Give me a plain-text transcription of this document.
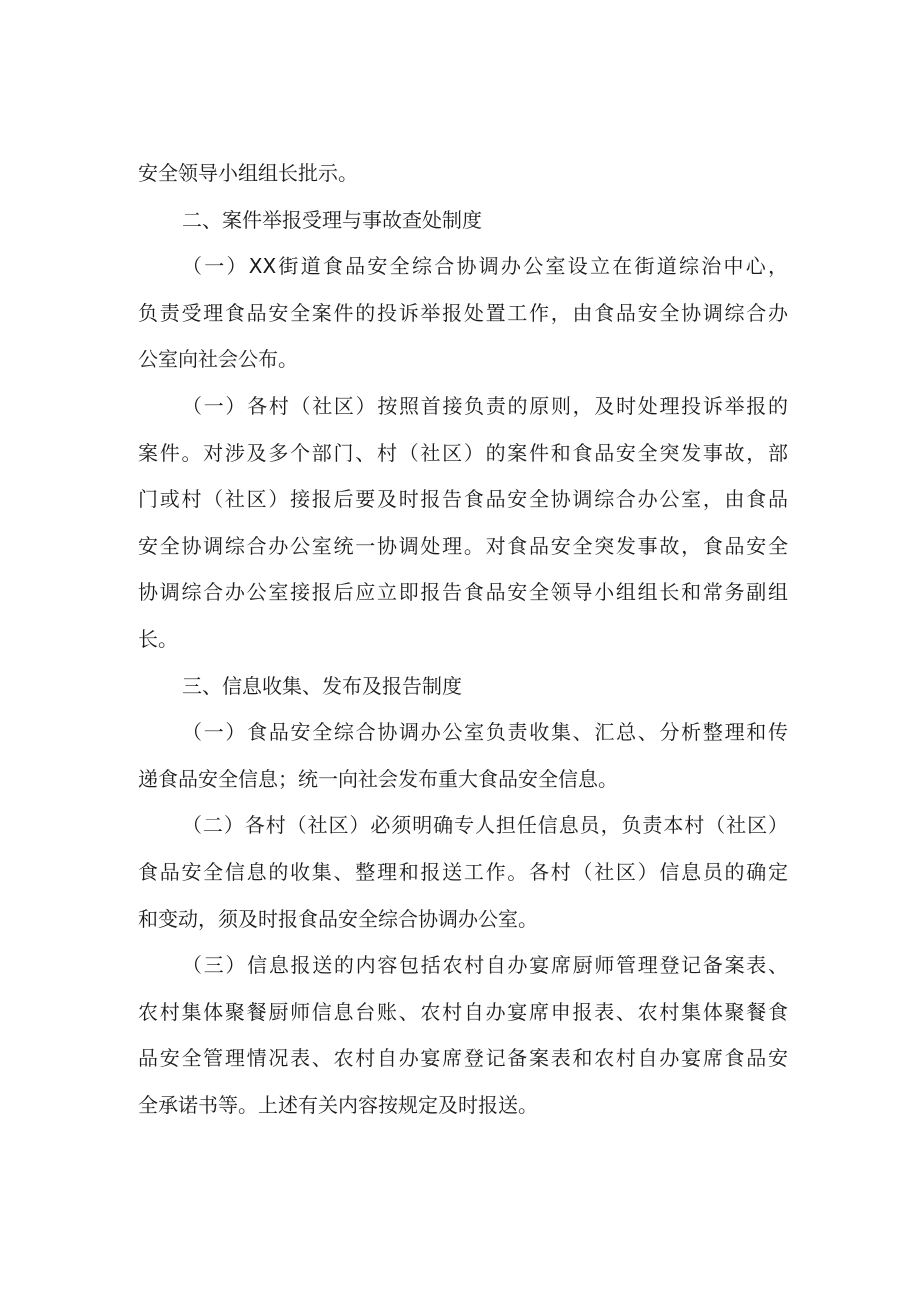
安全领导小组组长批示。
二、案件举报受理与事故查处制度
（一）XX街道食品安全综合协调办公室设立在街道综治中心，
负责受理食品安全案件的投诉举报处置工作，由食品安全协调综合办
公室向社会公布。
（一）各村（社区）按照首接负责的原则，及时处理投诉举报的
案件。对涉及多个部门、村（社区）的案件和食品安全突发事故，部
门或村（社区）接报后要及时报告食品安全协调综合办公室，由食品
安全协调综合办公室统一协调处理。对食品安全突发事故，食品安全
协调综合办公室接报后应立即报告食品安全领导小组组长和常务副组
长。
三、信息收集、发布及报告制度
（一）食品安全综合协调办公室负责收集、汇总、分析整理和传
递食品安全信息；统一向社会发布重大食品安全信息。
（二）各村（社区）必须明确专人担任信息员，负责本村（社区）
食品安全信息的收集、整理和报送工作。各村（社区）信息员的确定
和变动，须及时报食品安全综合协调办公室。
（三）信息报送的内容包括农村自办宴席厨师管理登记备案表、
农村集体聚餐厨师信息台账、农村自办宴席申报表、农村集体聚餐食
品安全管理情况表、农村自办宴席登记备案表和农村自办宴席食品安
全承诺书等。上述有关内容按规定及时报送。
